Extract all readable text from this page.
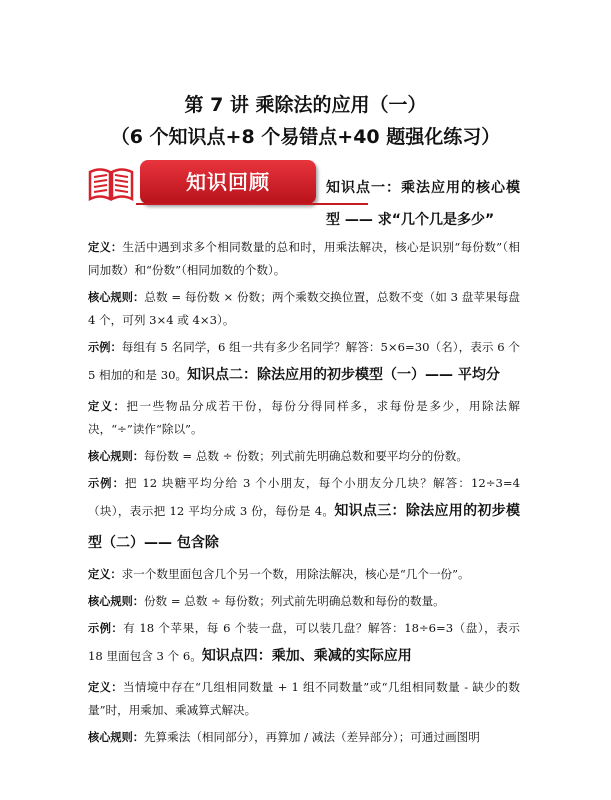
第 7 讲 乘除法的应用（一）
（6 个知识点+8 个易错点+40 题强化练习）
知识回顾	知识点一：乘法应用的核心模型 —— 求“几个几是多少”

定义：生活中遇到求多个相同数量的总和时，用乘法解决，核心是识别“每份数”（相同加数）和“份数”（相同加数的个数）。

核心规则：总数 = 每份数 × 份数；两个乘数交换位置，总数不变（如 3 盘苹果每盘 4 个，可列 3×4 或 4×3）。

示例：每组有 5 名同学，6 组一共有多少名同学？解答：5×6=30（名），表示 6 个 5 相加的和是 30。知识点二：除法应用的初步模型（一）—— 平均分

定义：把一些物品分成若干份，每份分得同样多，求每份是多少，用除法解决，“÷”读作“除以”。

核心规则：每份数 = 总数 ÷ 份数；列式前先明确总数和要平均分的份数。

示例：把 12 块糖平均分给 3 个小朋友，每个小朋友分几块？解答：12÷3=4（块），表示把 12 平均分成 3 份，每份是 4。知识点三：除法应用的初步模型（二）—— 包含除

定义：求一个数里面包含几个另一个数，用除法解决，核心是“几个一份”。

核心规则：份数 = 总数 ÷ 每份数；列式前先明确总数和每份的数量。

示例：有 18 个苹果，每 6 个装一盘，可以装几盘？解答：18÷6=3（盘），表示 18 里面包含 3 个 6。知识点四：乘加、乘减的实际应用

定义：当情境中存在“几组相同数量 + 1 组不同数量”或“几组相同数量 - 缺少的数量”时，用乘加、乘减算式解决。

核心规则：先算乘法（相同部分），再算加 / 减法（差异部分）；可通过画图明
